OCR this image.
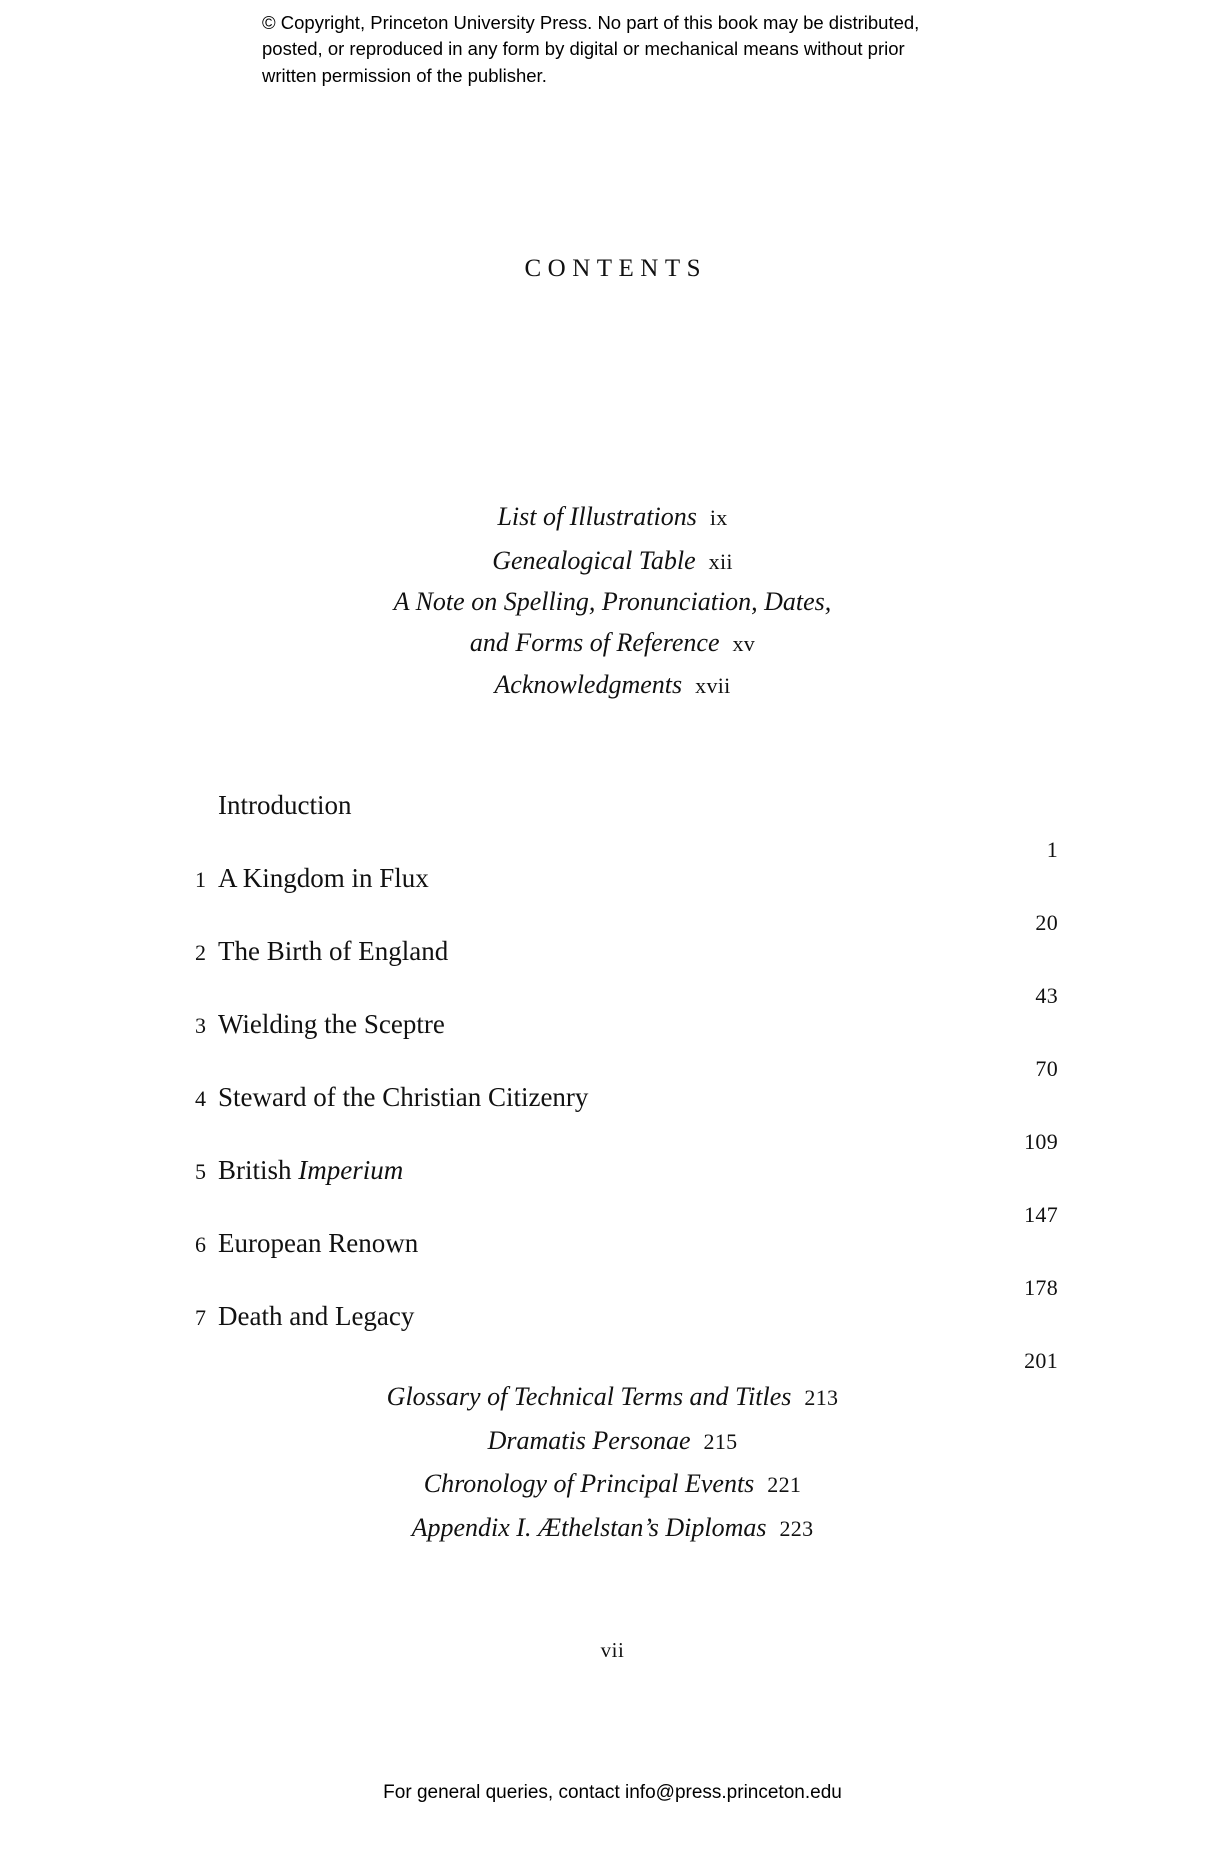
© Copyright, Princeton University Press. No part of this book may be distributed, posted, or reproduced in any form by digital or mechanical means without prior written permission of the publisher.
CONTENTS
List of Illustrations ix
Genealogical Table xii
A Note on Spelling, Pronunciation, Dates,
and Forms of Reference xv
Acknowledgments xvii
Introduction
1
1 A Kingdom in Flux
20
2 The Birth of England
43
3 Wielding the Sceptre
70
4 Steward of the Christian Citizenry
109
5 British Imperium
147
6 European Renown
178
7 Death and Legacy
201
Glossary of Technical Terms and Titles 213
Dramatis Personae 215
Chronology of Principal Events 221
Appendix I. Æthelstan’s Diplomas 223
vii
For general queries, contact info@press.princeton.edu
